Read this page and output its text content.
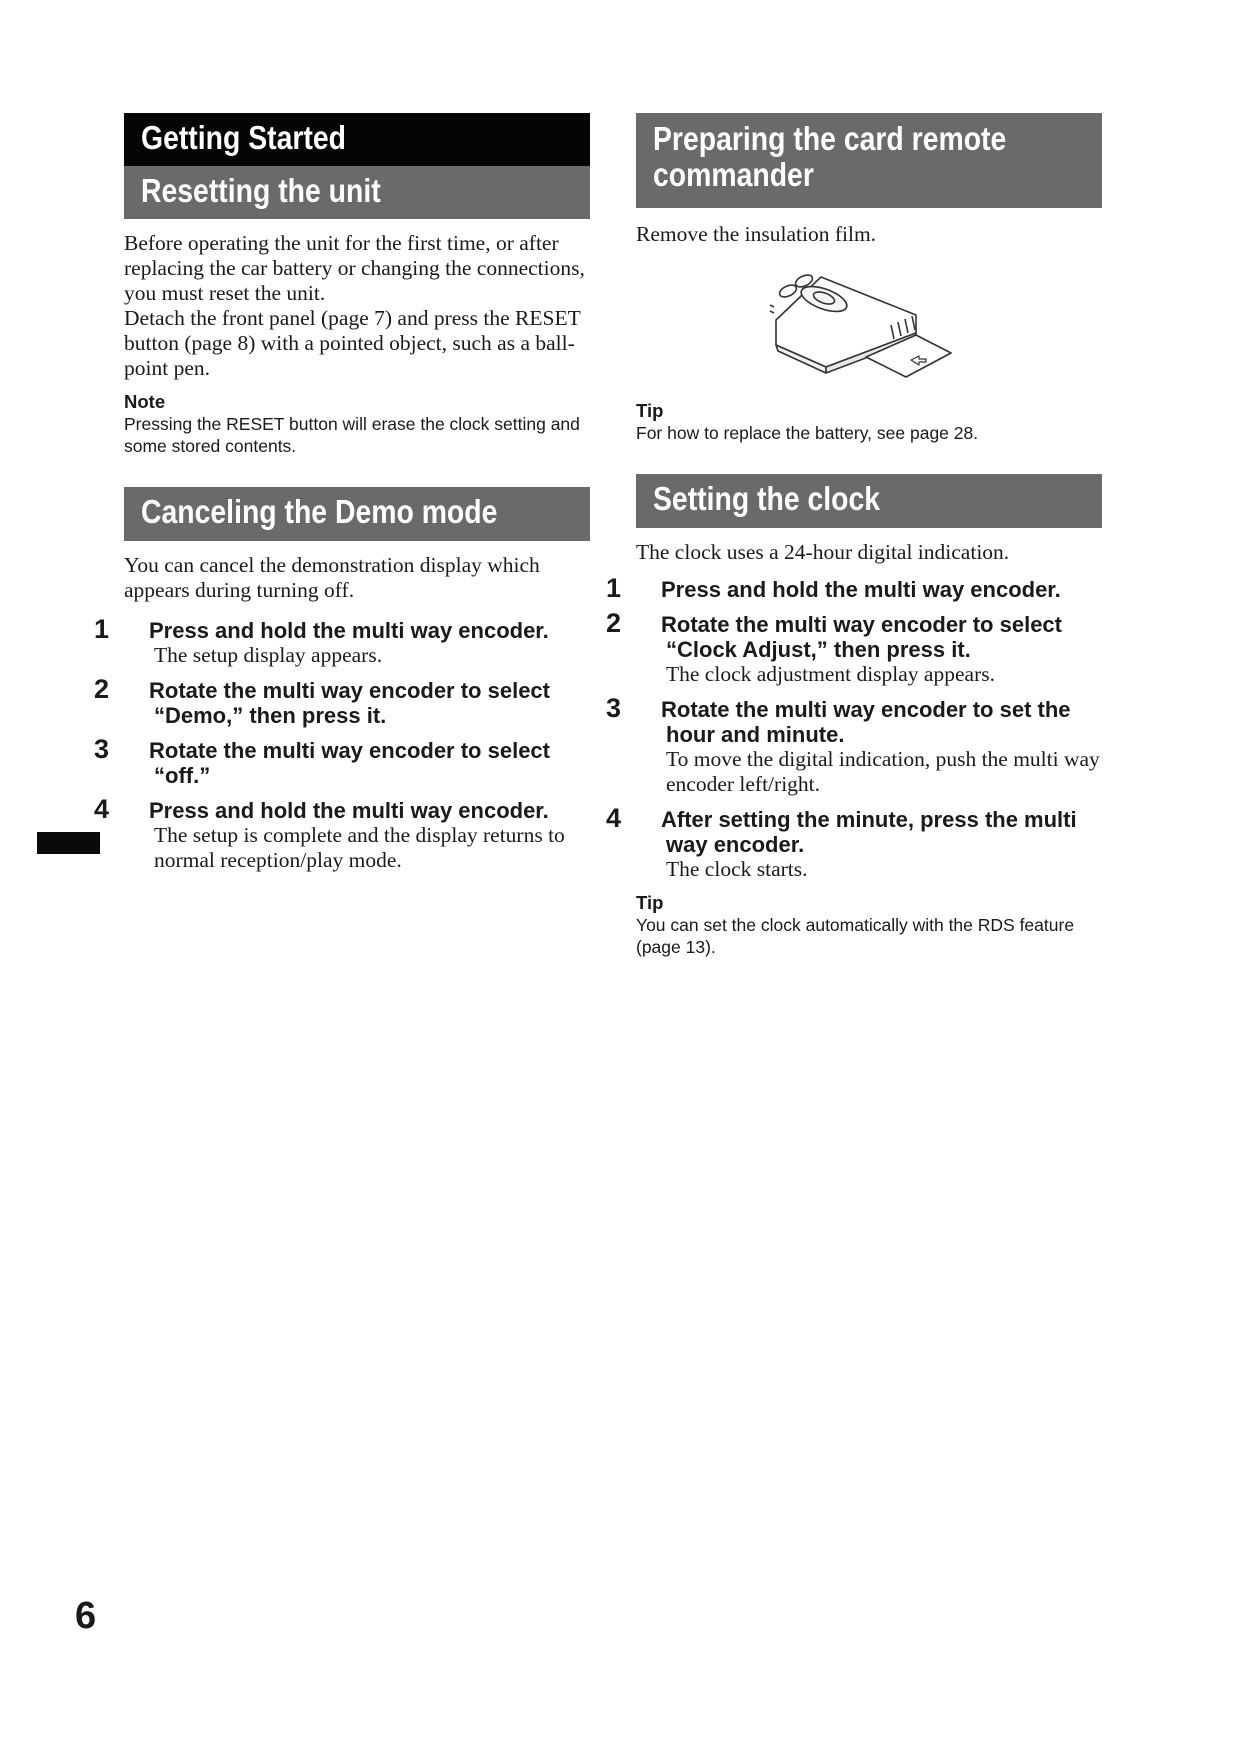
Getting Started
Resetting the unit

Before operating the unit for the first time, or after replacing the car battery or changing the connections, you must reset the unit.

Detach the front panel (page 7) and press the RESET button (page 8) with a pointed object, such as a ball-point pen.

Note
Pressing the RESET button will erase the clock setting and some stored contents.
Canceling the Demo mode

You can cancel the demonstration display which appears during turning off.

1 Press and hold the multi way encoder.
The setup display appears.
2 Rotate the multi way encoder to select “Demo,” then press it.
3 Rotate the multi way encoder to select “off.”
4 Press and hold the multi way encoder.
The setup is complete and the display returns to normal reception/play mode.
Preparing the card remote commander

Remove the insulation film.

Tip
For how to replace the battery, see page 28.
Setting the clock

The clock uses a 24-hour digital indication.

1 Press and hold the multi way encoder.
2 Rotate the multi way encoder to select “Clock Adjust,” then press it.
The clock adjustment display appears.
3 Rotate the multi way encoder to set the hour and minute.
To move the digital indication, push the multi way encoder left/right.
4 After setting the minute, press the multi way encoder.
The clock starts.
Tip
You can set the clock automatically with the RDS feature (page 13).
6
